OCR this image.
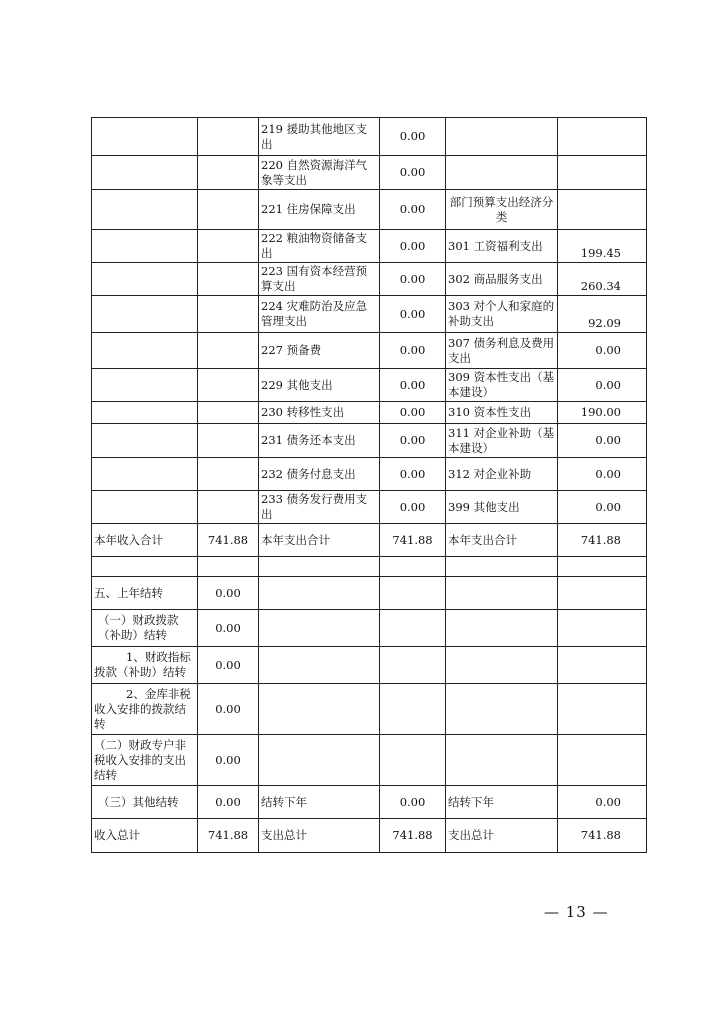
		219 援助其他地区支出	0.00		
		220 自然资源海洋气象等支出	0.00		
		221 住房保障支出	0.00	部门预算支出经济分类	
		222 粮油物资储备支出	0.00	301 工资福利支出	199.45
		223 国有资本经营预算支出	0.00	302 商品服务支出	260.34
		224 灾难防治及应急管理支出	0.00	303 对个人和家庭的补助支出	92.09
		227 预备费	0.00	307 债务利息及费用支出	0.00
		229 其他支出	0.00	309 资本性支出（基本建设）	0.00
		230 转移性支出	0.00	310 资本性支出	190.00
		231 债务还本支出	0.00	311 对企业补助（基本建设）	0.00
		232 债务付息支出	0.00	312 对企业补助	0.00
		233 债务发行费用支出	0.00	399 其他支出	0.00
本年收入合计	741.88	本年支出合计	741.88	本年支出合计	741.88

五、上年结转	0.00				
（一）财政拨款（补助）结转	0.00				
1、财政指标拨款（补助）结转	0.00				
2、金库非税收入安排的拨款结转	0.00				
（二）财政专户非税收入安排的支出结转	0.00				
（三）其他结转	0.00	结转下年	0.00	结转下年	0.00
收入总计	741.88	支出总计	741.88	支出总计	741.88
— 13 —
